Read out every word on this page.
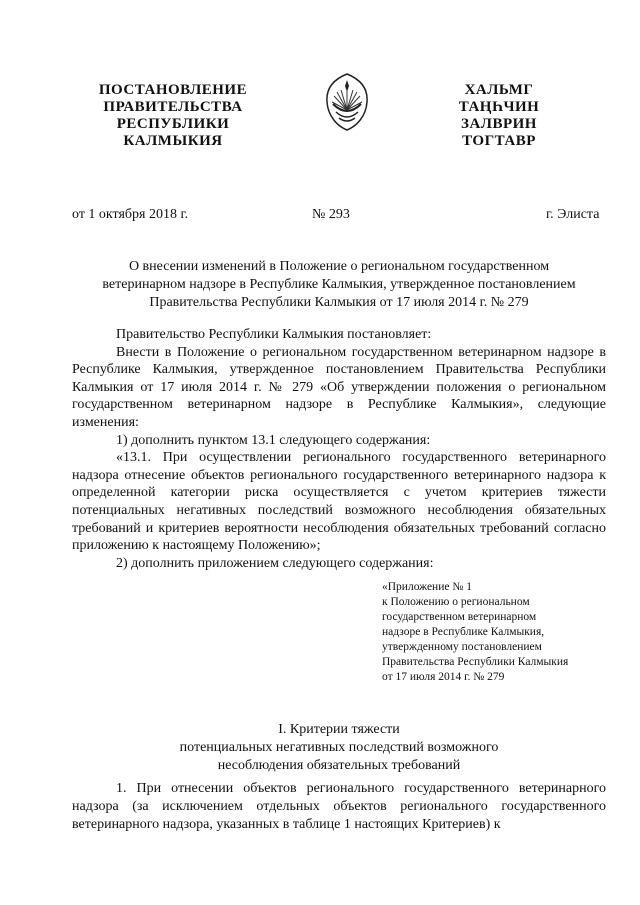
ПОСТАНОВЛЕНИЕ
ПРАВИТЕЛЬСТВА
РЕСПУБЛИКИ
КАЛМЫКИЯ
ХАЛЬМГ
ТАҢҺЧИН
ЗАЛВРИН
ТОГТАВР
от 1 октября 2018 г.	№ 293	г. Элиста
О внесении изменений в Положение о региональном государственном
ветеринарном надзоре в Республике Калмыкия, утвержденное постановлением
Правительства Республики Калмыкия от 17 июля 2014 г. № 279

Правительство Республики Калмыкия постановляет:

Внести в Положение о региональном государственном ветеринарном надзоре в Республике Калмыкия, утвержденное постановлением Правительства Республики Калмыкия от 17 июля 2014 г. № 279 «Об утверждении положения о региональном государственном ветеринарном надзоре в Республике Калмыкия», следующие изменения:

1) дополнить пунктом 13.1 следующего содержания:

«13.1. При осуществлении регионального государственного ветеринарного надзора отнесение объектов регионального государственного ветеринарного надзора к определенной категории риска осуществляется с учетом критериев тяжести потенциальных негативных последствий возможного несоблюдения обязательных требований и критериев вероятности несоблюдения обязательных требований согласно приложению к настоящему Положению»;

2) дополнить приложением следующего содержания:

«Приложение № 1
к Положению о региональном
государственном ветеринарном
надзоре в Республике Калмыкия,
утвержденному постановлением
Правительства Республики Калмыкия
от 17 июля 2014 г. № 279
I. Критерии тяжести
потенциальных негативных последствий возможного
несоблюдения обязательных требований

1. При отнесении объектов регионального государственного ветеринарного надзора (за исключением отдельных объектов регионального государственного ветеринарного надзора, указанных в таблице 1 настоящих Критериев) к
